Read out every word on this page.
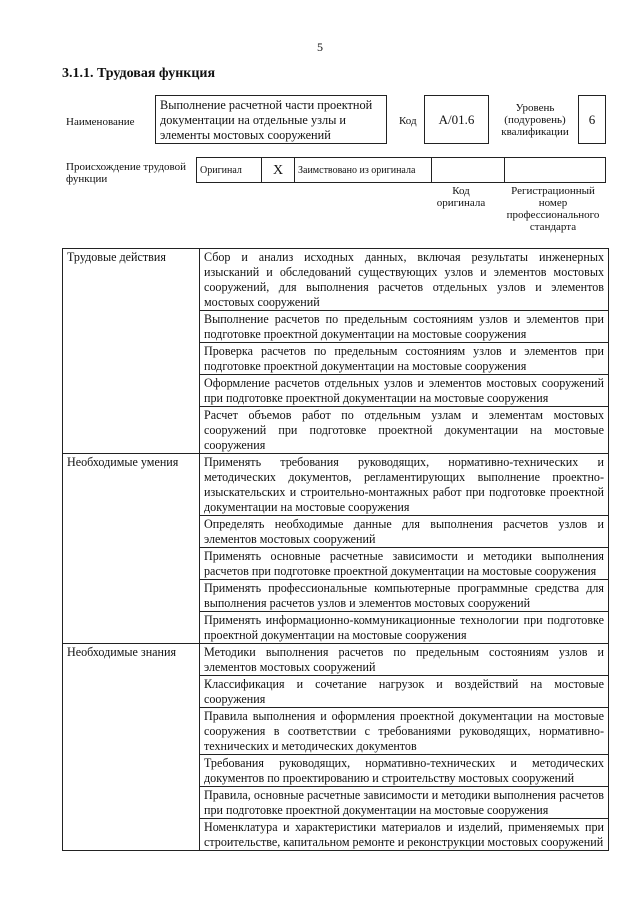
5
3.1.1. Трудовая функция
Наименование
Выполнение расчетной части проектной документации на отдельные узлы и элементы мостовых сооружений
Код	A/01.6
Уровень (подуровень) квалификации
6
Происхождение трудовой функции
Оригинал	X	Заимствовано из оригинала		
Код оригинала
Регистрационный номер профессионального стандарта
Трудовые действия	Сбор и анализ исходных данных, включая результаты инженерных изысканий и обследований существующих узлов и элементов мостовых сооружений, для выполнения расчетов отдельных узлов и элементов мостовых сооружений
	Выполнение расчетов по предельным состояниям узлов и элементов при подготовке проектной документации на мостовые сооружения
	Проверка расчетов по предельным состояниям узлов и элементов при подготовке проектной документации на мостовые сооружения
	Оформление расчетов отдельных узлов и элементов мостовых сооружений при подготовке проектной документации на мостовые сооружения
	Расчет объемов работ по отдельным узлам и элементам мостовых сооружений при подготовке проектной документации на мостовые сооружения
Необходимые умения	Применять требования руководящих, нормативно-технических и методических документов, регламентирующих выполнение проектно-изыскательских и строительно-монтажных работ при подготовке проектной документации на мостовые сооружения
	Определять необходимые данные для выполнения расчетов узлов и элементов мостовых сооружений
	Применять основные расчетные зависимости и методики выполнения расчетов при подготовке проектной документации на мостовые сооружения
	Применять профессиональные компьютерные программные средства для выполнения расчетов узлов и элементов мостовых сооружений
	Применять информационно-коммуникационные технологии при подготовке проектной документации на мостовые сооружения
Необходимые знания	Методики выполнения расчетов по предельным состояниям узлов и элементов мостовых сооружений
	Классификация и сочетание нагрузок и воздействий на мостовые сооружения
	Правила выполнения и оформления проектной документации на мостовые сооружения в соответствии с требованиями руководящих, нормативно-технических и методических документов
	Требования руководящих, нормативно-технических и методических документов по проектированию и строительству мостовых сооружений
	Правила, основные расчетные зависимости и методики выполнения расчетов при подготовке проектной документации на мостовые сооружения
	Номенклатура и характеристики материалов и изделий, применяемых при строительстве, капитальном ремонте и реконструкции мостовых сооружений
